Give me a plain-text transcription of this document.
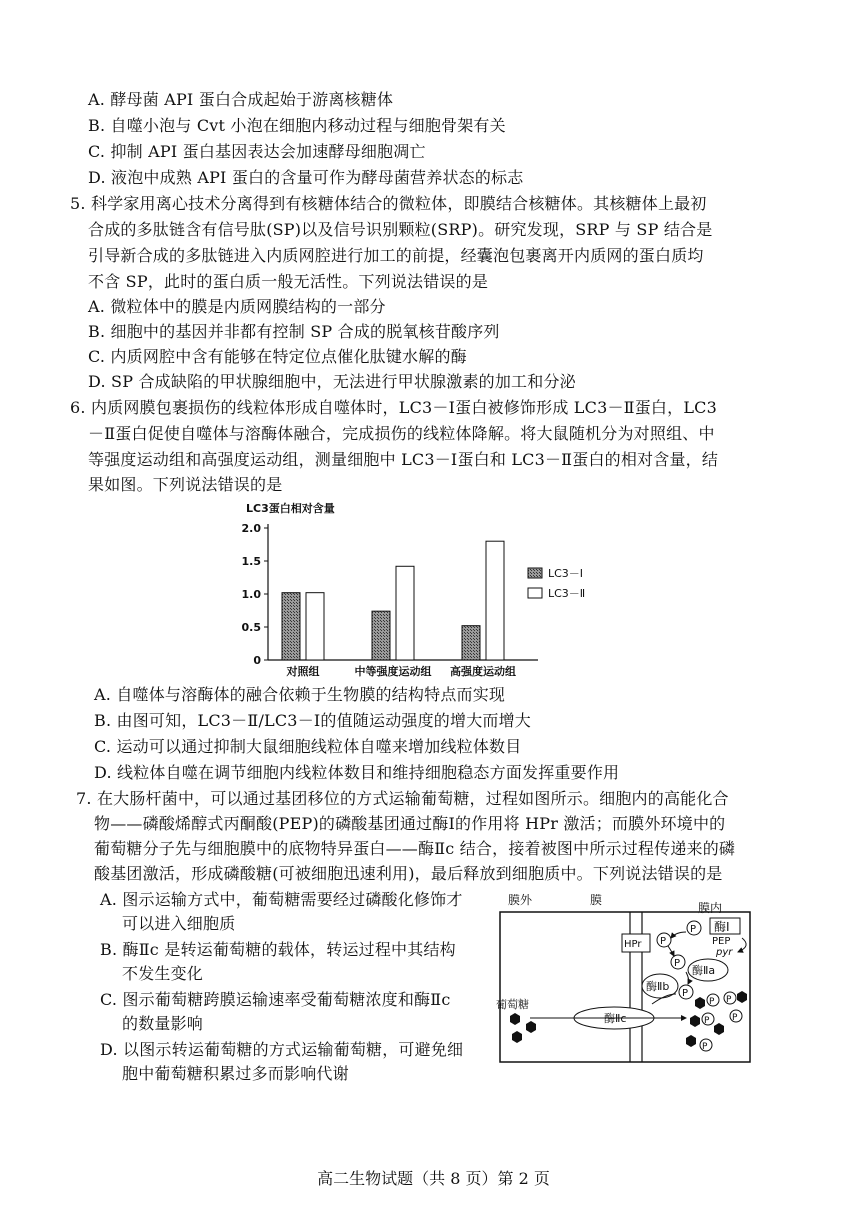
A. 酵母菌 API 蛋白合成起始于游离核糖体
B. 自噬小泡与 Cvt 小泡在细胞内移动过程与细胞骨架有关
C. 抑制 API 蛋白基因表达会加速酵母细胞凋亡
D. 液泡中成熟 API 蛋白的含量可作为酵母菌营养状态的标志
5. 科学家用离心技术分离得到有核糖体结合的微粒体，即膜结合核糖体。其核糖体上最初
合成的多肽链含有信号肽(SP)以及信号识别颗粒(SRP)。研究发现，SRP 与 SP 结合是
引导新合成的多肽链进入内质网腔进行加工的前提，经囊泡包裹离开内质网的蛋白质均
不含 SP，此时的蛋白质一般无活性。下列说法错误的是
A. 微粒体中的膜是内质网膜结构的一部分
B. 细胞中的基因并非都有控制 SP 合成的脱氧核苷酸序列
C. 内质网腔中含有能够在特定位点催化肽键水解的酶
D. SP 合成缺陷的甲状腺细胞中，无法进行甲状腺激素的加工和分泌
6. 内质网膜包裹损伤的线粒体形成自噬体时，LC3－Ⅰ蛋白被修饰形成 LC3－Ⅱ蛋白，LC3
－Ⅱ蛋白促使自噬体与溶酶体融合，完成损伤的线粒体降解。将大鼠随机分为对照组、中
等强度运动组和高强度运动组，测量细胞中 LC3－Ⅰ蛋白和 LC3－Ⅱ蛋白的相对含量，结
果如图。下列说法错误的是
LC3蛋白相对含量
0
0.5
1.0
1.5
2.0
对照组	中等强度运动组 高强度运动组
LC3－Ⅰ
LC3－Ⅱ
A. 自噬体与溶酶体的融合依赖于生物膜的结构特点而实现
B. 由图可知，LC3－Ⅱ/LC3－Ⅰ的值随运动强度的增大而增大
C. 运动可以通过抑制大鼠细胞线粒体自噬来增加线粒体数目
D. 线粒体自噬在调节细胞内线粒体数目和维持细胞稳态方面发挥重要作用
7. 在大肠杆菌中，可以通过基团移位的方式运输葡萄糖，过程如图所示。细胞内的高能化合
物——磷酸烯醇式丙酮酸(PEP)的磷酸基团通过酶Ⅰ的作用将 HPr 激活；而膜外环境中的
葡萄糖分子先与细胞膜中的底物特异蛋白——酶Ⅱc 结合，接着被图中所示过程传递来的磷
酸基团激活，形成磷酸糖(可被细胞迅速利用)，最后释放到细胞质中。下列说法错误的是
A. 图示运输方式中，葡萄糖需要经过磷酸化修饰才
可以进入细胞质
B. 酶Ⅱc 是转运葡萄糖的载体，转运过程中其结构
不发生变化
C. 图示葡萄糖跨膜运输速率受葡萄糖浓度和酶Ⅱc
的数量影响
D. 以图示转运葡萄糖的方式运输葡萄糖，可避免细
胞中葡萄糖积累过多而影响代谢
膜外	膜
膜内
酶Ⅰ
P
PEP
pyr
HPr P
酶Ⅱa
P
酶Ⅱb
P
酶Ⅱc
葡萄糖	P P
P	P
P
高二生物试题（共 8 页）第 2 页
